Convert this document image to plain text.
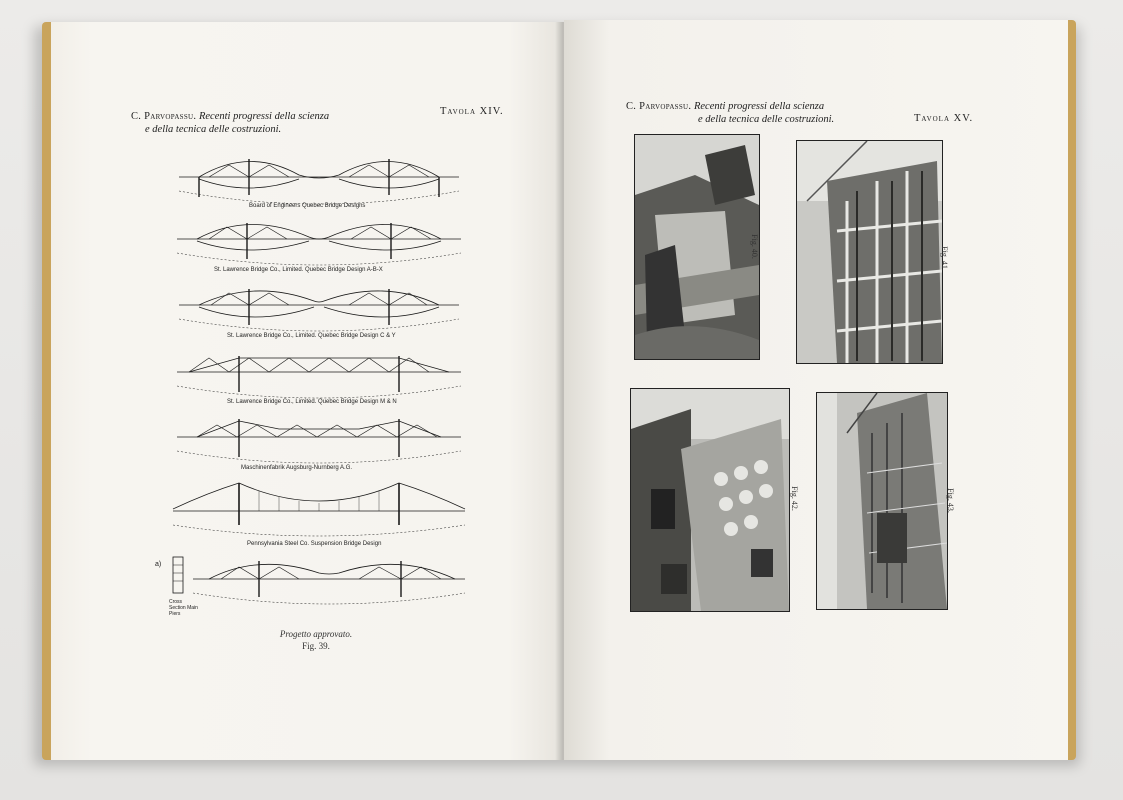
C. Parvopassu. Recenti progressi della scienza
e della tecnica delle costruzioni.
Tavola XIV.
Board of Engineers Quebec Bridge Designs
St. Lawrence Bridge Co., Limited. Quebec Bridge Design A-B-X
St. Lawrence Bridge Co., Limited. Quebec Bridge Design C & Y
St. Lawrence Bridge Co., Limited. Quebec Bridge Design M & N
Maschinenfabrik Augsburg-Nurnberg A.G.
Pennsylvania Steel Co. Suspension Bridge Design
a)
Cross Section Main Piers
Progetto approvato.
Fig. 39.
C. Parvopassu. Recenti progressi della scienza
e della tecnica delle costruzioni.	Tavola XV.
Fig. 40.	Fig. 41.
Fig. 42.	Fig. 43.
